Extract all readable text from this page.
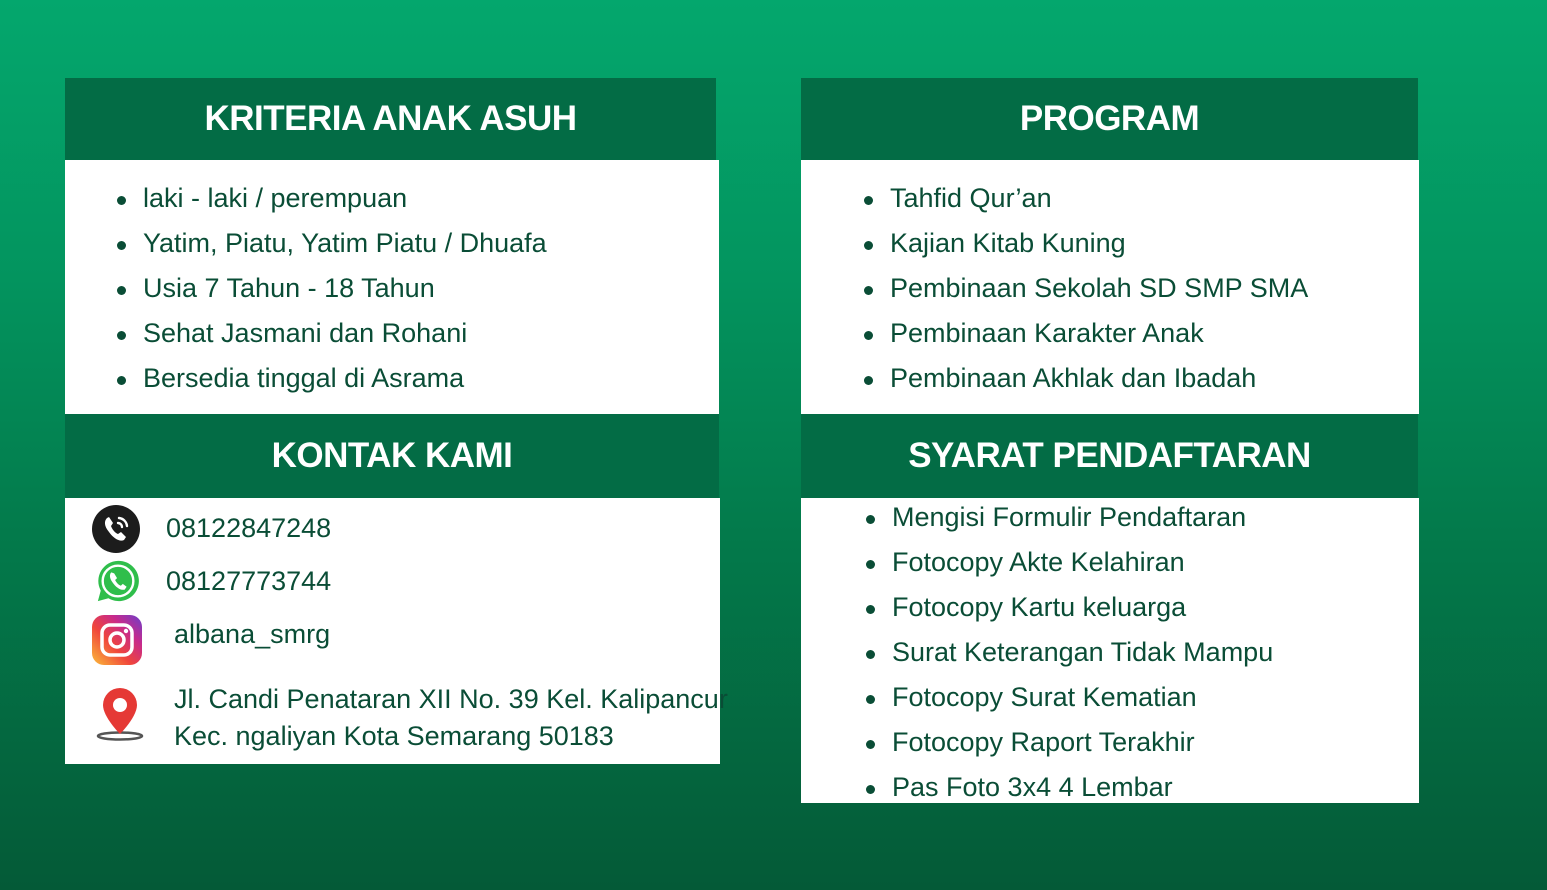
KRITERIA ANAK ASUH
laki - laki / perempuan
Yatim, Piatu, Yatim Piatu / Dhuafa
Usia 7 Tahun - 18 Tahun
Sehat Jasmani dan Rohani
Bersedia tinggal di Asrama
PROGRAM
Tahfid Qur’an
Kajian Kitab Kuning
Pembinaan Sekolah SD SMP SMA
Pembinaan Karakter Anak
Pembinaan Akhlak dan Ibadah
KONTAK KAMI
08122847248
08127773744
albana_smrg
Jl. Candi Penataran XII No. 39 Kel. Kalipancur
Kec. ngaliyan Kota Semarang 50183
SYARAT PENDAFTARAN
Mengisi Formulir Pendaftaran
Fotocopy Akte Kelahiran
Fotocopy Kartu keluarga
Surat Keterangan Tidak Mampu
Fotocopy Surat Kematian
Fotocopy Raport Terakhir
Pas Foto 3x4 4 Lembar
